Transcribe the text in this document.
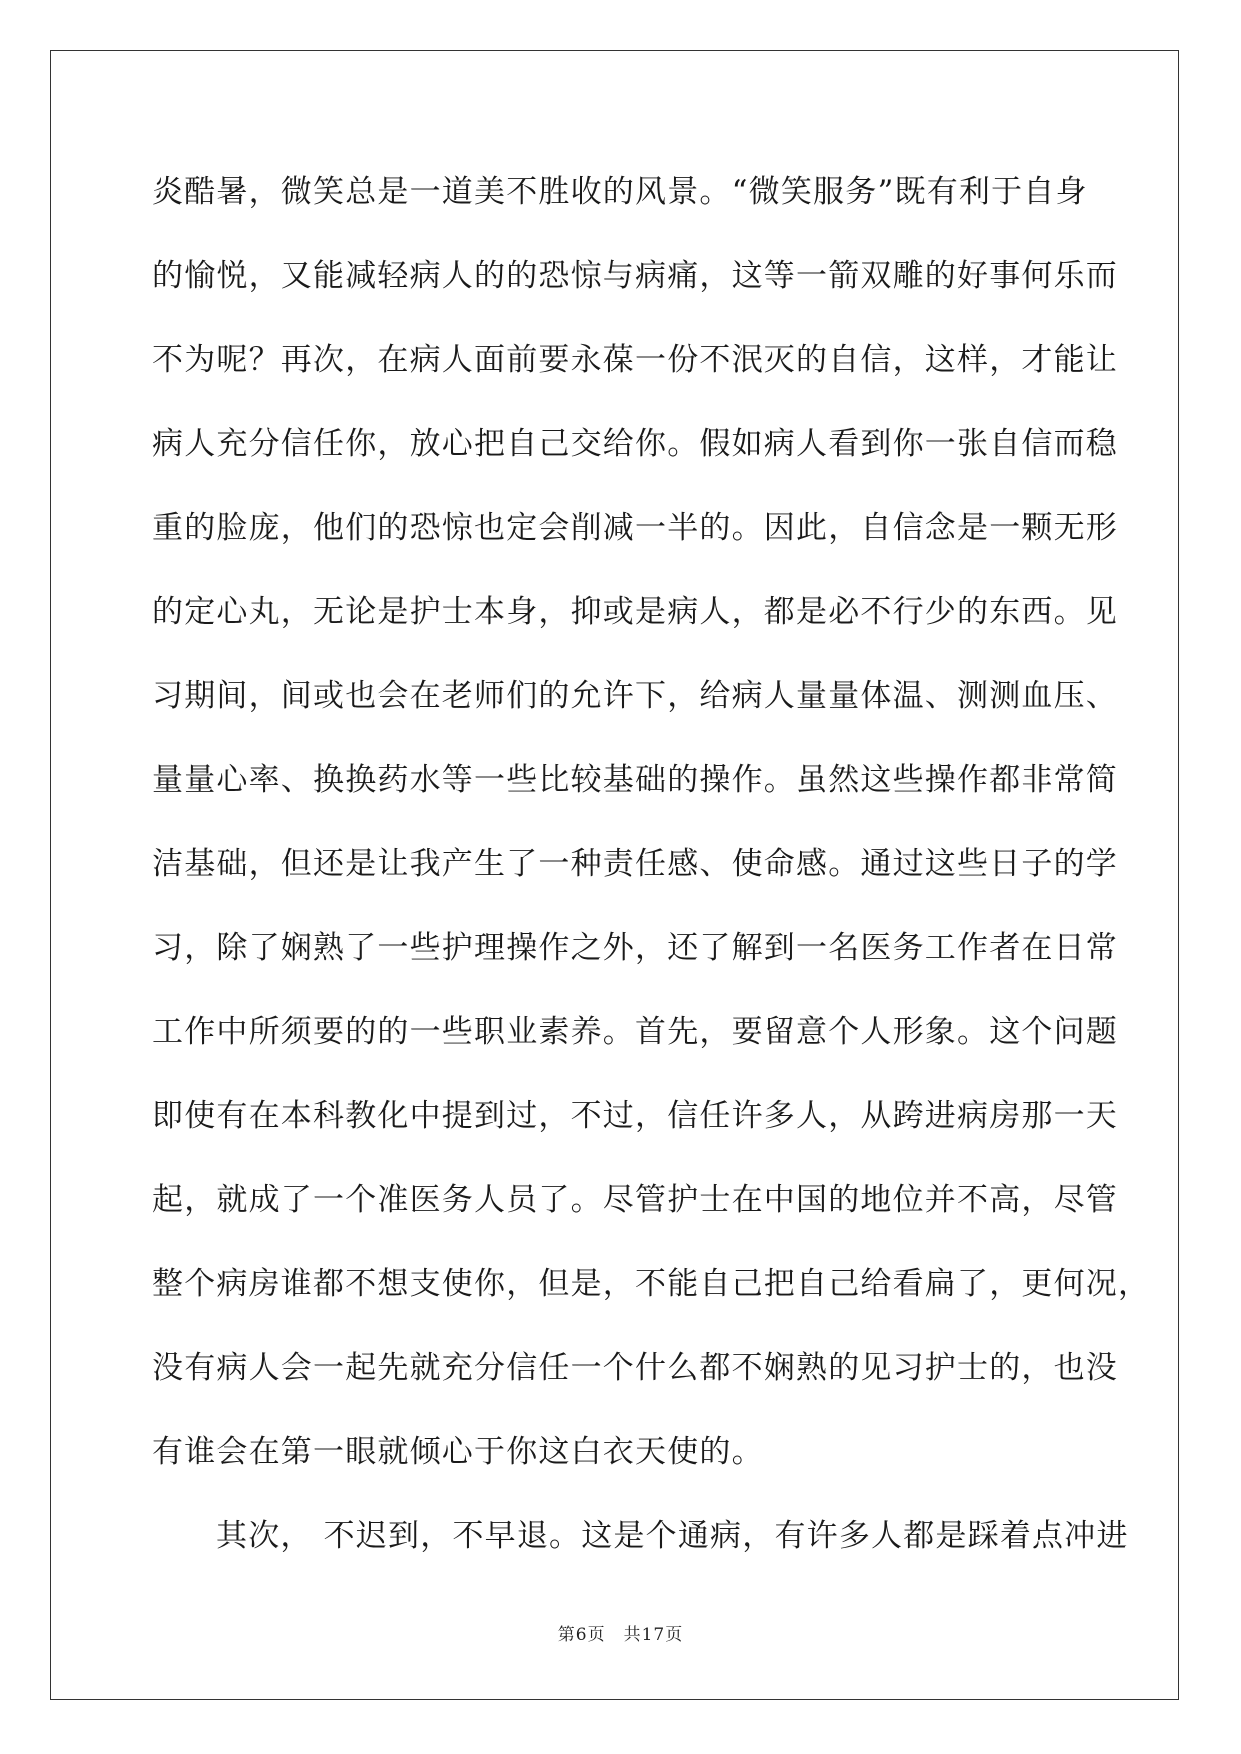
炎酷暑，微笑总是一道美不胜收的风景。“微笑服务”既有利于自身
的愉悦，又能减轻病人的的恐惊与病痛，这等一箭双雕的好事何乐而
不为呢？再次，在病人面前要永葆一份不泯灭的自信，这样，才能让
病人充分信任你，放心把自己交给你。假如病人看到你一张自信而稳
重的脸庞，他们的恐惊也定会削减一半的。因此，自信念是一颗无形
的定心丸，无论是护士本身，抑或是病人，都是必不行少的东西。见
习期间，间或也会在老师们的允许下，给病人量量体温、测测血压、
量量心率、换换药水等一些比较基础的操作。虽然这些操作都非常简
洁基础，但还是让我产生了一种责任感、使命感。通过这些日子的学
习，除了娴熟了一些护理操作之外，还了解到一名医务工作者在日常
工作中所须要的的一些职业素养。首先，要留意个人形象。这个问题
即使有在本科教化中提到过，不过，信任许多人，从跨进病房那一天
起，就成了一个准医务人员了。尽管护士在中国的地位并不高，尽管
整个病房谁都不想支使你，但是，不能自己把自己给看扁了，更何况，
没有病人会一起先就充分信任一个什么都不娴熟的见习护士的，也没
有谁会在第一眼就倾心于你这白衣天使的。
其次， 不迟到，不早退。这是个通病，有许多人都是踩着点冲进
第6页　共17页
